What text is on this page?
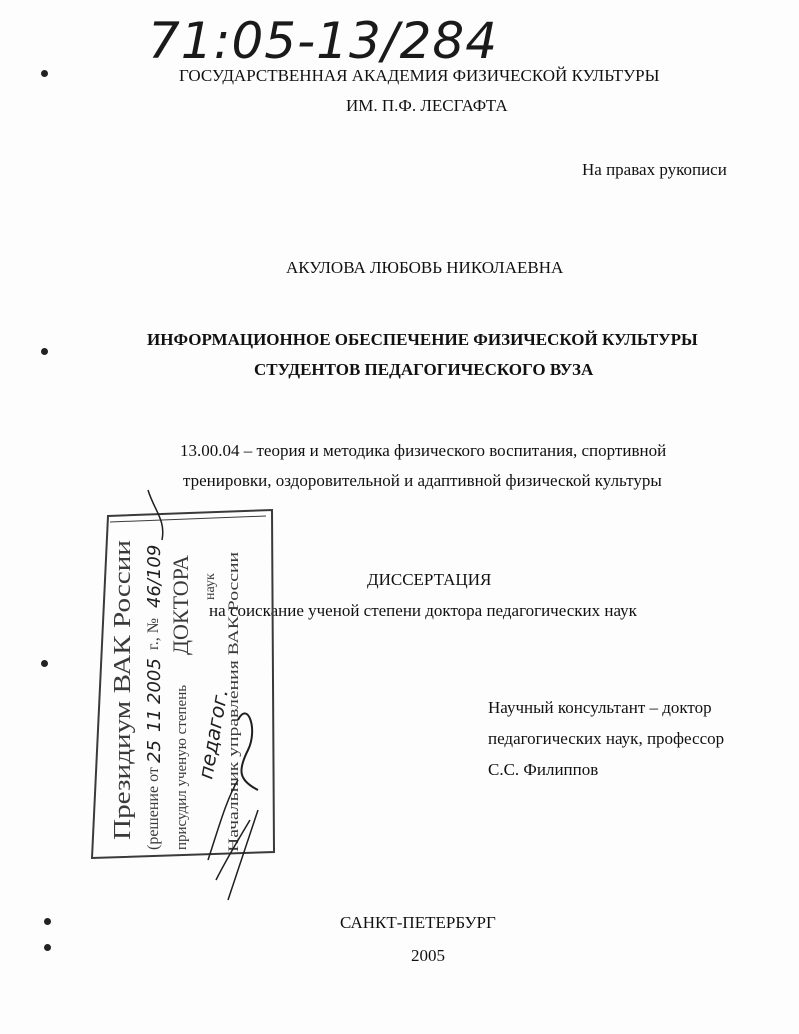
71:05-13/284
ГОСУДАРСТВЕННАЯ АКАДЕМИЯ ФИЗИЧЕСКОЙ КУЛЬТУРЫ
ИМ. П.Ф. ЛЕСГАФТА
На правах рукописи
АКУЛОВА ЛЮБОВЬ НИКОЛАЕВНА
ИНФОРМАЦИОННОЕ ОБЕСПЕЧЕНИЕ ФИЗИЧЕСКОЙ КУЛЬТУРЫ
СТУДЕНТОВ ПЕДАГОГИЧЕСКОГО ВУЗА
13.00.04 – теория и методика физического воспитания, спортивной
тренировки, оздоровительной и адаптивной физической культуры
ДИССЕРТАЦИЯ
на соискание ученой степени доктора педагогических наук
Научный консультант – доктор
педагогических наук, профессор
С.С. Филиппов
САНКТ-ПЕТЕРБУРГ
2005
Президиум ВАК России (решение от
25
11
2005
г., №
46/109
присудил ученую степень
ДОКТОРА
педагог.
наук
Начальник управления ВАК России
